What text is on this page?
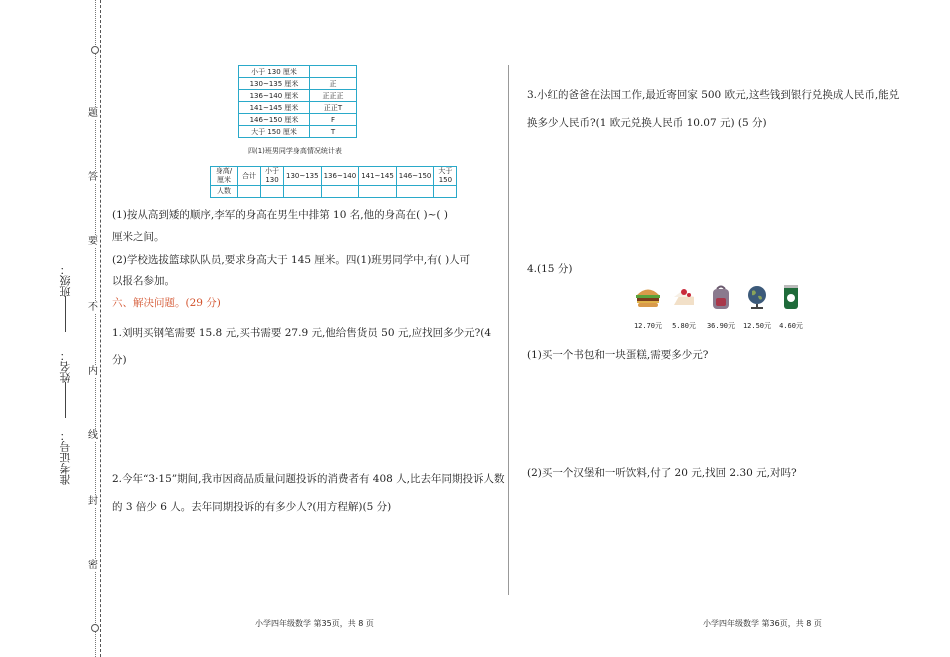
题
答
要
不
内
线
封
密
班级：
姓名：
准考证号：
小于 130 厘米	
130~135 厘米	正
136~140 厘米	正正正
141~145 厘米	正正T
146~150 厘米	F
大于 150 厘米	T
四(1)班男同学身高情况统计表
身高/厘米	合计	小于130	130~135	136~140	141~145	146~150	大于150
人数							
(1)按从高到矮的顺序,李军的身高在男生中排第 10 名,他的身高在( )~( )
厘米之间。
(2)学校选拔篮球队队员,要求身高大于 145 厘米。四(1)班男同学中,有( )人可
以报名参加。
六、解决问题。(29 分)
1.刘明买钢笔需要 15.8 元,买书需要 27.9 元,他给售货员 50 元,应找回多少元?(4
分)
2.今年“3·15”期间,我市因商品质量问题投诉的消费者有 408 人,比去年同期投诉人数
的 3 倍少 6 人。去年同期投诉的有多少人?(用方程解)(5 分)
小学四年级数学 第35页，共 8 页
3.小红的爸爸在法国工作,最近寄回家 500 欧元,这些钱到银行兑换成人民币,能兑
换多少人民币?(1 欧元兑换人民币 10.07 元) (5 分)
4.(15 分)
12.70元	5.80元	36.90元	12.50元	4.60元
(1)买一个书包和一块蛋糕,需要多少元?
(2)买一个汉堡和一听饮料,付了 20 元,找回 2.30 元,对吗?
小学四年级数学 第36页，共 8 页
